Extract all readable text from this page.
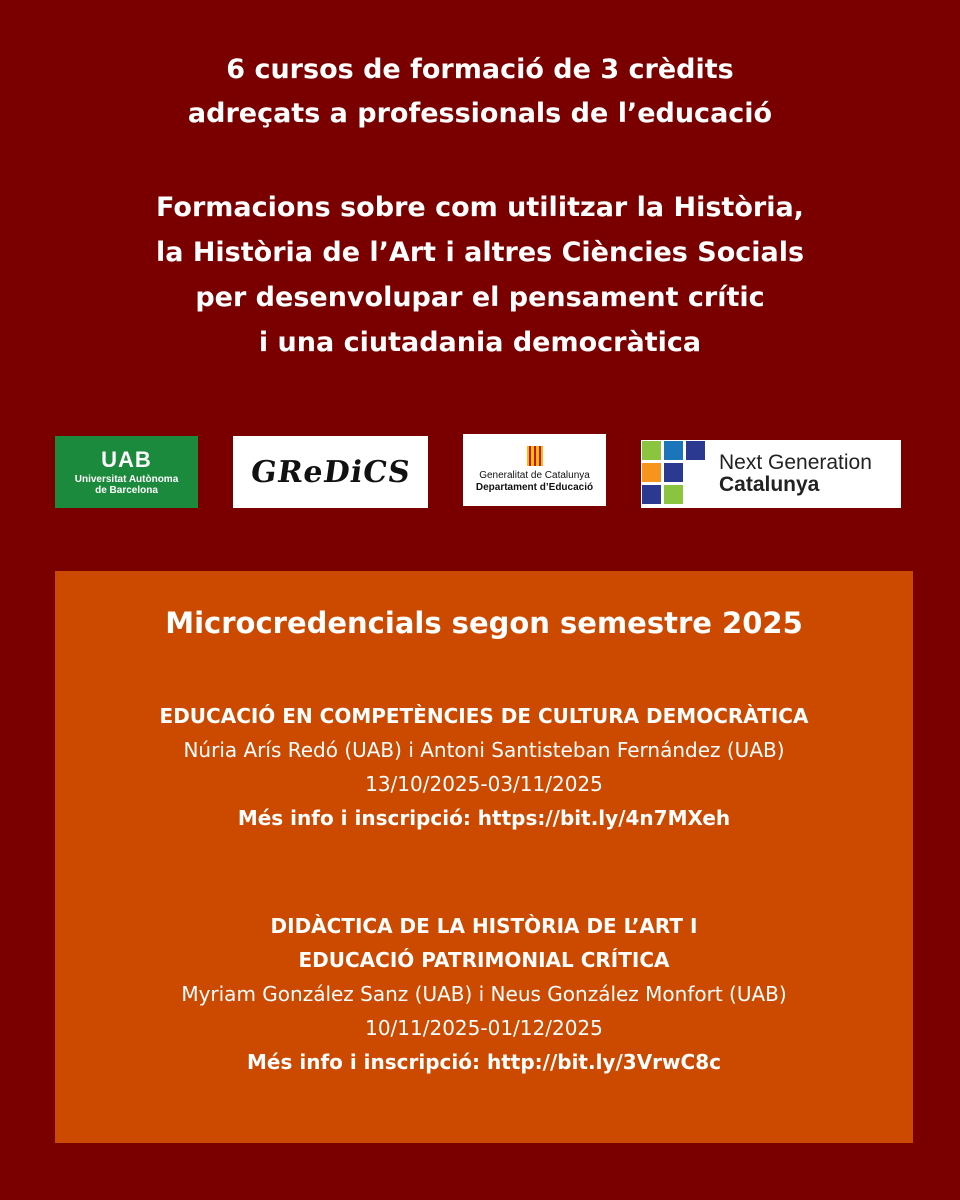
6 cursos de formació de 3 crèdits
adreçats a professionals de l’educació
Formacions sobre com utilitzar la Història,
la Història de l’Art i altres Ciències Socials
per desenvolupar el pensament crític
i una ciutadania democràtica
UAB
Universitat Autònoma
de Barcelona
GReDiCS	Generalitat de Catalunya
Departament d’Educació
Next Generation
Catalunya
Microcredencials segon semestre 2025
EDUCACIÓ EN COMPETÈNCIES DE CULTURA DEMOCRÀTICA
Núria Arís Redó (UAB) i Antoni Santisteban Fernández (UAB)
13/10/2025-03/11/2025
Més info i inscripció: https://bit.ly/4n7MXeh
DIDÀCTICA DE LA HISTÒRIA DE L’ART I
EDUCACIÓ PATRIMONIAL CRÍTICA
Myriam González Sanz (UAB) i Neus González Monfort (UAB)
10/11/2025-01/12/2025
Més info i inscripció: http://bit.ly/3VrwC8c
